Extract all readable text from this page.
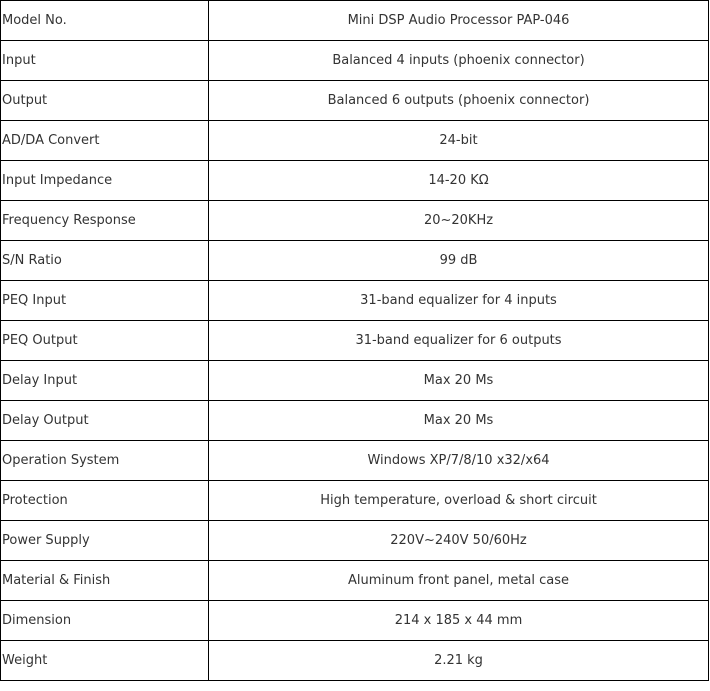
Model No.	Mini DSP Audio Processor PAP-046
Input	Balanced 4 inputs (phoenix connector)
Output	Balanced 6 outputs (phoenix connector)
AD/DA Convert	24-bit
Input Impedance	14-20 KΩ
Frequency Response	20~20KHz
S/N Ratio	99 dB
PEQ Input	31-band equalizer for 4 inputs
PEQ Output	31-band equalizer for 6 outputs
Delay Input	Max 20 Ms
Delay Output	Max 20 Ms
Operation System	Windows XP/7/8/10 x32/x64
Protection	High temperature, overload & short circuit
Power Supply	220V~240V 50/60Hz
Material & Finish	Aluminum front panel, metal case
Dimension	214 x 185 x 44 mm
Weight	2.21 kg
